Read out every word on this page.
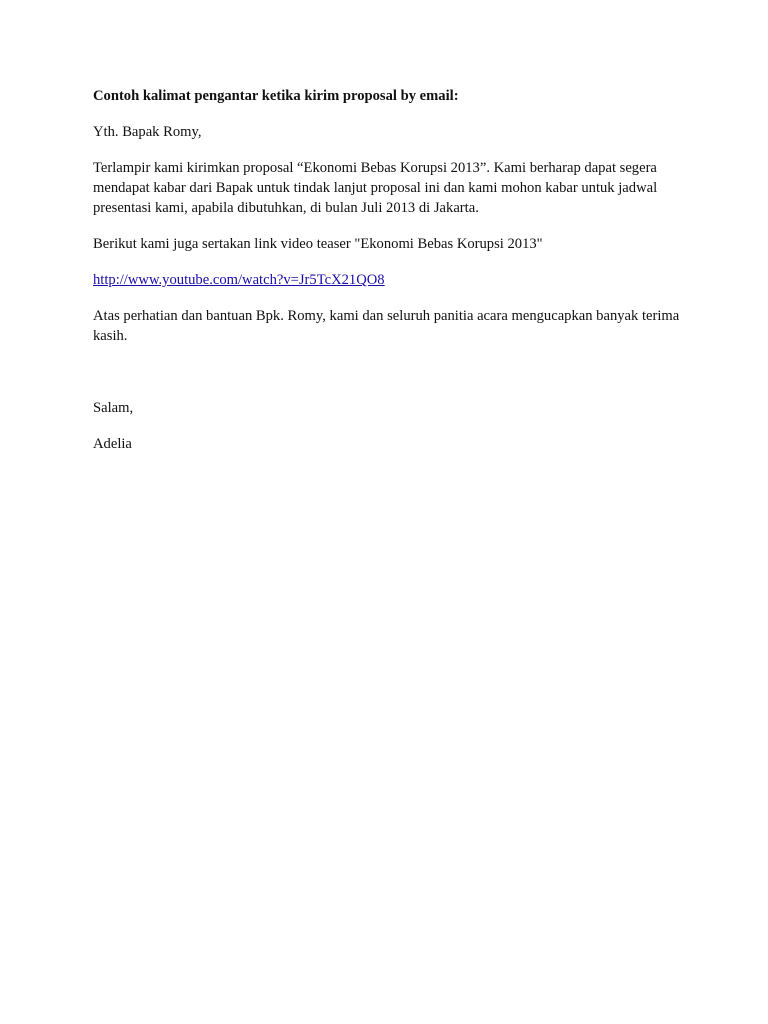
Contoh kalimat pengantar ketika kirim proposal by email:

Yth. Bapak Romy,

Terlampir kami kirimkan proposal “Ekonomi Bebas Korupsi 2013”. Kami berharap dapat segera mendapat kabar dari Bapak untuk tindak lanjut proposal ini dan kami mohon kabar untuk jadwal presentasi kami, apabila dibutuhkan, di bulan Juli 2013 di Jakarta.

Berikut kami juga sertakan link video teaser "Ekonomi Bebas Korupsi 2013"

http://www.youtube.com/watch?v=Jr5TcX21QO8

Atas perhatian dan bantuan Bpk. Romy, kami dan seluruh panitia acara mengucapkan banyak terima kasih.

Salam,

Adelia
